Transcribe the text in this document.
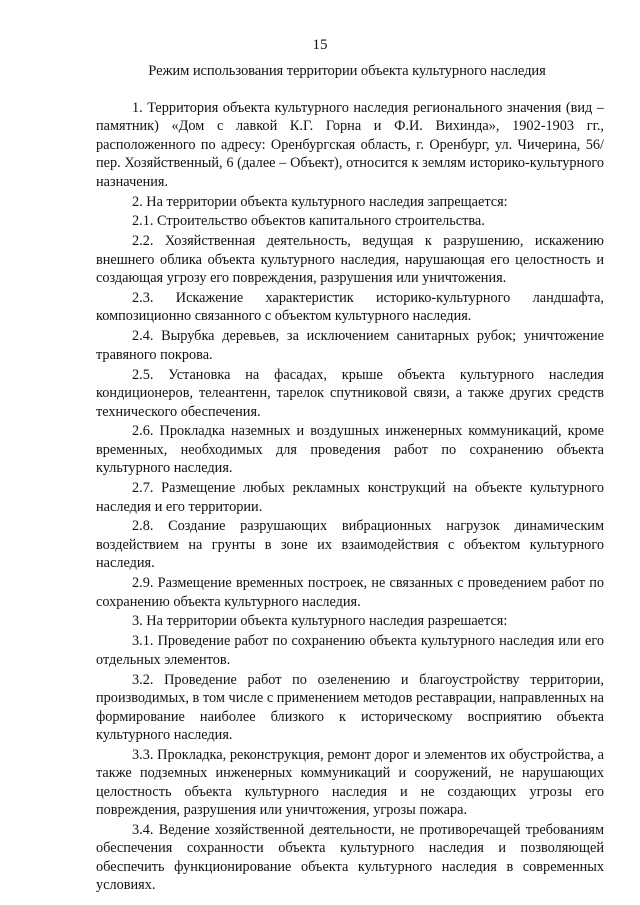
15
Режим использования территории объекта культурного наследия

1. Территория объекта культурного наследия регионального значения (вид – памятник) «Дом с лавкой К.Г. Горна и Ф.И. Вихинда», 1902-1903 гг., расположенного по адресу: Оренбургская область, г. Оренбург, ул. Чичерина, 56/ пер. Хозяйственный, 6 (далее – Объект), относится к землям историко-культурного назначения.

2. На территории объекта культурного наследия запрещается:

2.1. Строительство объектов капитального строительства.

2.2. Хозяйственная деятельность, ведущая к разрушению, искажению внешнего облика объекта культурного наследия, нарушающая его целостность и создающая угрозу его повреждения, разрушения или уничтожения.

2.3. Искажение характеристик историко-культурного ландшафта, композиционно связанного с объектом культурного наследия.

2.4. Вырубка деревьев, за исключением санитарных рубок; уничтожение травяного покрова.

2.5. Установка на фасадах, крыше объекта культурного наследия кондиционеров, телеантенн, тарелок спутниковой связи, а также других средств технического обеспечения.

2.6. Прокладка наземных и воздушных инженерных коммуникаций, кроме временных, необходимых для проведения работ по сохранению объекта культурного наследия.

2.7. Размещение любых рекламных конструкций на объекте культурного наследия и его территории.

2.8. Создание разрушающих вибрационных нагрузок динамическим воздействием на грунты в зоне их взаимодействия с объектом культурного наследия.

2.9. Размещение временных построек, не связанных с проведением работ по сохранению объекта культурного наследия.

3. На территории объекта культурного наследия разрешается:

3.1. Проведение работ по сохранению объекта культурного наследия или его отдельных элементов.

3.2. Проведение работ по озеленению и благоустройству территории, производимых, в том числе с применением методов реставрации, направленных на формирование наиболее близкого к историческому восприятию объекта культурного наследия.

3.3. Прокладка, реконструкция, ремонт дорог и элементов их обустройства, а также подземных инженерных коммуникаций и сооружений, не нарушающих целостность объекта культурного наследия и не создающих угрозы его повреждения, разрушения или уничтожения, угрозы пожара.

3.4. Ведение хозяйственной деятельности, не противоречащей требованиям обеспечения сохранности объекта культурного наследия и позволяющей обеспечить функционирование объекта культурного наследия в современных условиях.
